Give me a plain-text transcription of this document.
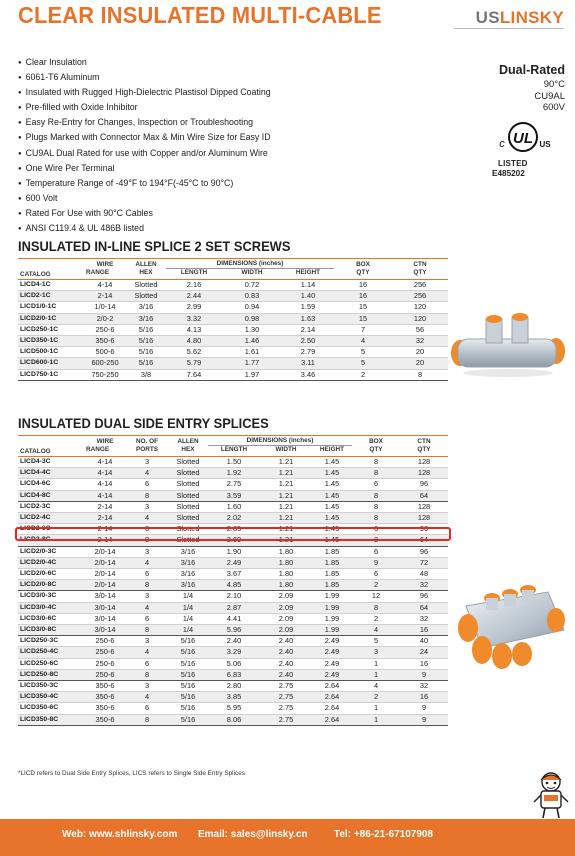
CLEAR INSULATED MULTI-CABLE	USLINSKY
● Clear Insulation
● 6061-T6 Aluminum
● Insulated with Rugged High-Dielectric Plastisol Dipped Coating
● Pre-filled with Oxide Inhibitor
● Easy Re-Entry for Changes, Inspection or Troubleshooting
● Plugs Marked with Connector Max & Min Wire Size for Easy ID
● CU9AL Dual Rated for use with Copper and/or Aluminum Wire
● One Wire Per Terminal
● Temperature Range of -49°F to 194°F(-45°C to 90°C)
● 600 Volt
● Rated For Use with 90°C Cables
● ANSI C119.4 & UL 486B listed
Dual-Rated
90°C
CU9AL
600V
UL
c	US
LISTED
E485202
INSULATED IN-LINE SPLICE 2 SET SCREWS
CATALOG	WIRE	ALLEN	DIMENSIONS (inches)			BOX	CTN
	RANGE	HEX	LENGTH	WIDTH	HEIGHT	QTY	QTY
LICD4-1C	4-14	Slotted	2.16	0.72	1.14	16	256
LICD2-1C	2-14	Slotted	2.44	0.83	1.40	16	256
LICD1/0-1C	1/0-14	3/16	2.99	0.94	1.59	15	120
LICD2/0-1C	2/0-2	3/16	3.32	0.98	1.63	15	120
LICD250-1C	250-6	5/16	4.13	1.30	2.14	7	56
LICD350-1C	350-6	5/16	4.80	1.46	2.50	4	32
LICD500-1C	500-6	5/16	5.62	1.61	2.79	5	20
LICD600-1C	600-250	5/16	5.79	1.77	3.11	5	20
LICD750-1C	750-250	3/8	7.64	1.97	3.46	2	8
INSULATED DUAL SIDE ENTRY SPLICES
CATALOG	WIRE	NO. OF	ALLEN	DIMENSIONS (inches)			BOX	CTN
	RANGE	PORTS	HEX	LENGTH	WIDTH	HEIGHT	QTY	QTY
LICD4-3C	4-14	3	Slotted	1.50	1.21	1.45	8	128
LICD4-4C	4-14	4	Slotted	1.92	1.21	1.45	8	128
LICD4-6C	4-14	6	Slotted	2.75	1.21	1.45	6	96
LICD4-8C	4-14	8	Slotted	3.59	1.21	1.45	8	64
LICD2-3C	2-14	3	Slotted	1.60	1.21	1.45	8	128
LICD2-4C	2-14	4	Slotted	2.02	1.21	1.45	8	128
LICD2-6C	2-14	6	Slotted	2.85	1.21	1.45	6	96
LICD2-8C	2-14	8	Slotted	3.69	1.21	1.45	8	64
LICD2/0-3C	2/0-14	3	3/16	1.90	1.80	1.85	6	96
LICD2/0-4C	2/0-14	4	3/16	2.49	1.80	1.85	9	72
LICD2/0-6C	2/0-14	6	3/16	3.67	1.80	1.85	6	48
LICD2/0-8C	2/0-14	8	3/16	4.85	1.80	1.85	2	32
LICD3/0-3C	3/0-14	3	1/4	2.10	2.09	1.99	12	96
LICD3/0-4C	3/0-14	4	1/4	2.87	2.09	1.99	8	64
LICD3/0-6C	3/0-14	6	1/4	4.41	2.09	1.99	2	32
LICD3/0-8C	3/0-14	8	1/4	5.96	2.09	1.99	4	16
LICD250-3C	250-6	3	5/16	2.40	2.40	2.49	5	40
LICD250-4C	250-6	4	5/16	3.29	2.40	2.49	3	24
LICD250-6C	250-6	6	5/16	5.06	2.40	2.49	1	16
LICD250-8C	250-6	8	5/16	6.83	2.40	2.49	1	9
LICD350-3C	350-6	3	5/16	2.80	2.75	2.64	4	32
LICD350-4C	350-6	4	5/16	3.85	2.75	2.64	2	16
LICD350-6C	350-6	6	5/16	5.95	2.75	2.64	1	9
LICD350-8C	350-6	8	5/16	8.06	2.75	2.64	1	9
*LICD refers to Dual Side Entry Splices, LICS refers to Single Side Entry Splices
Web: www.shlinsky.com Email: sales@linsky.cn	Tel: +86-21-67107908
